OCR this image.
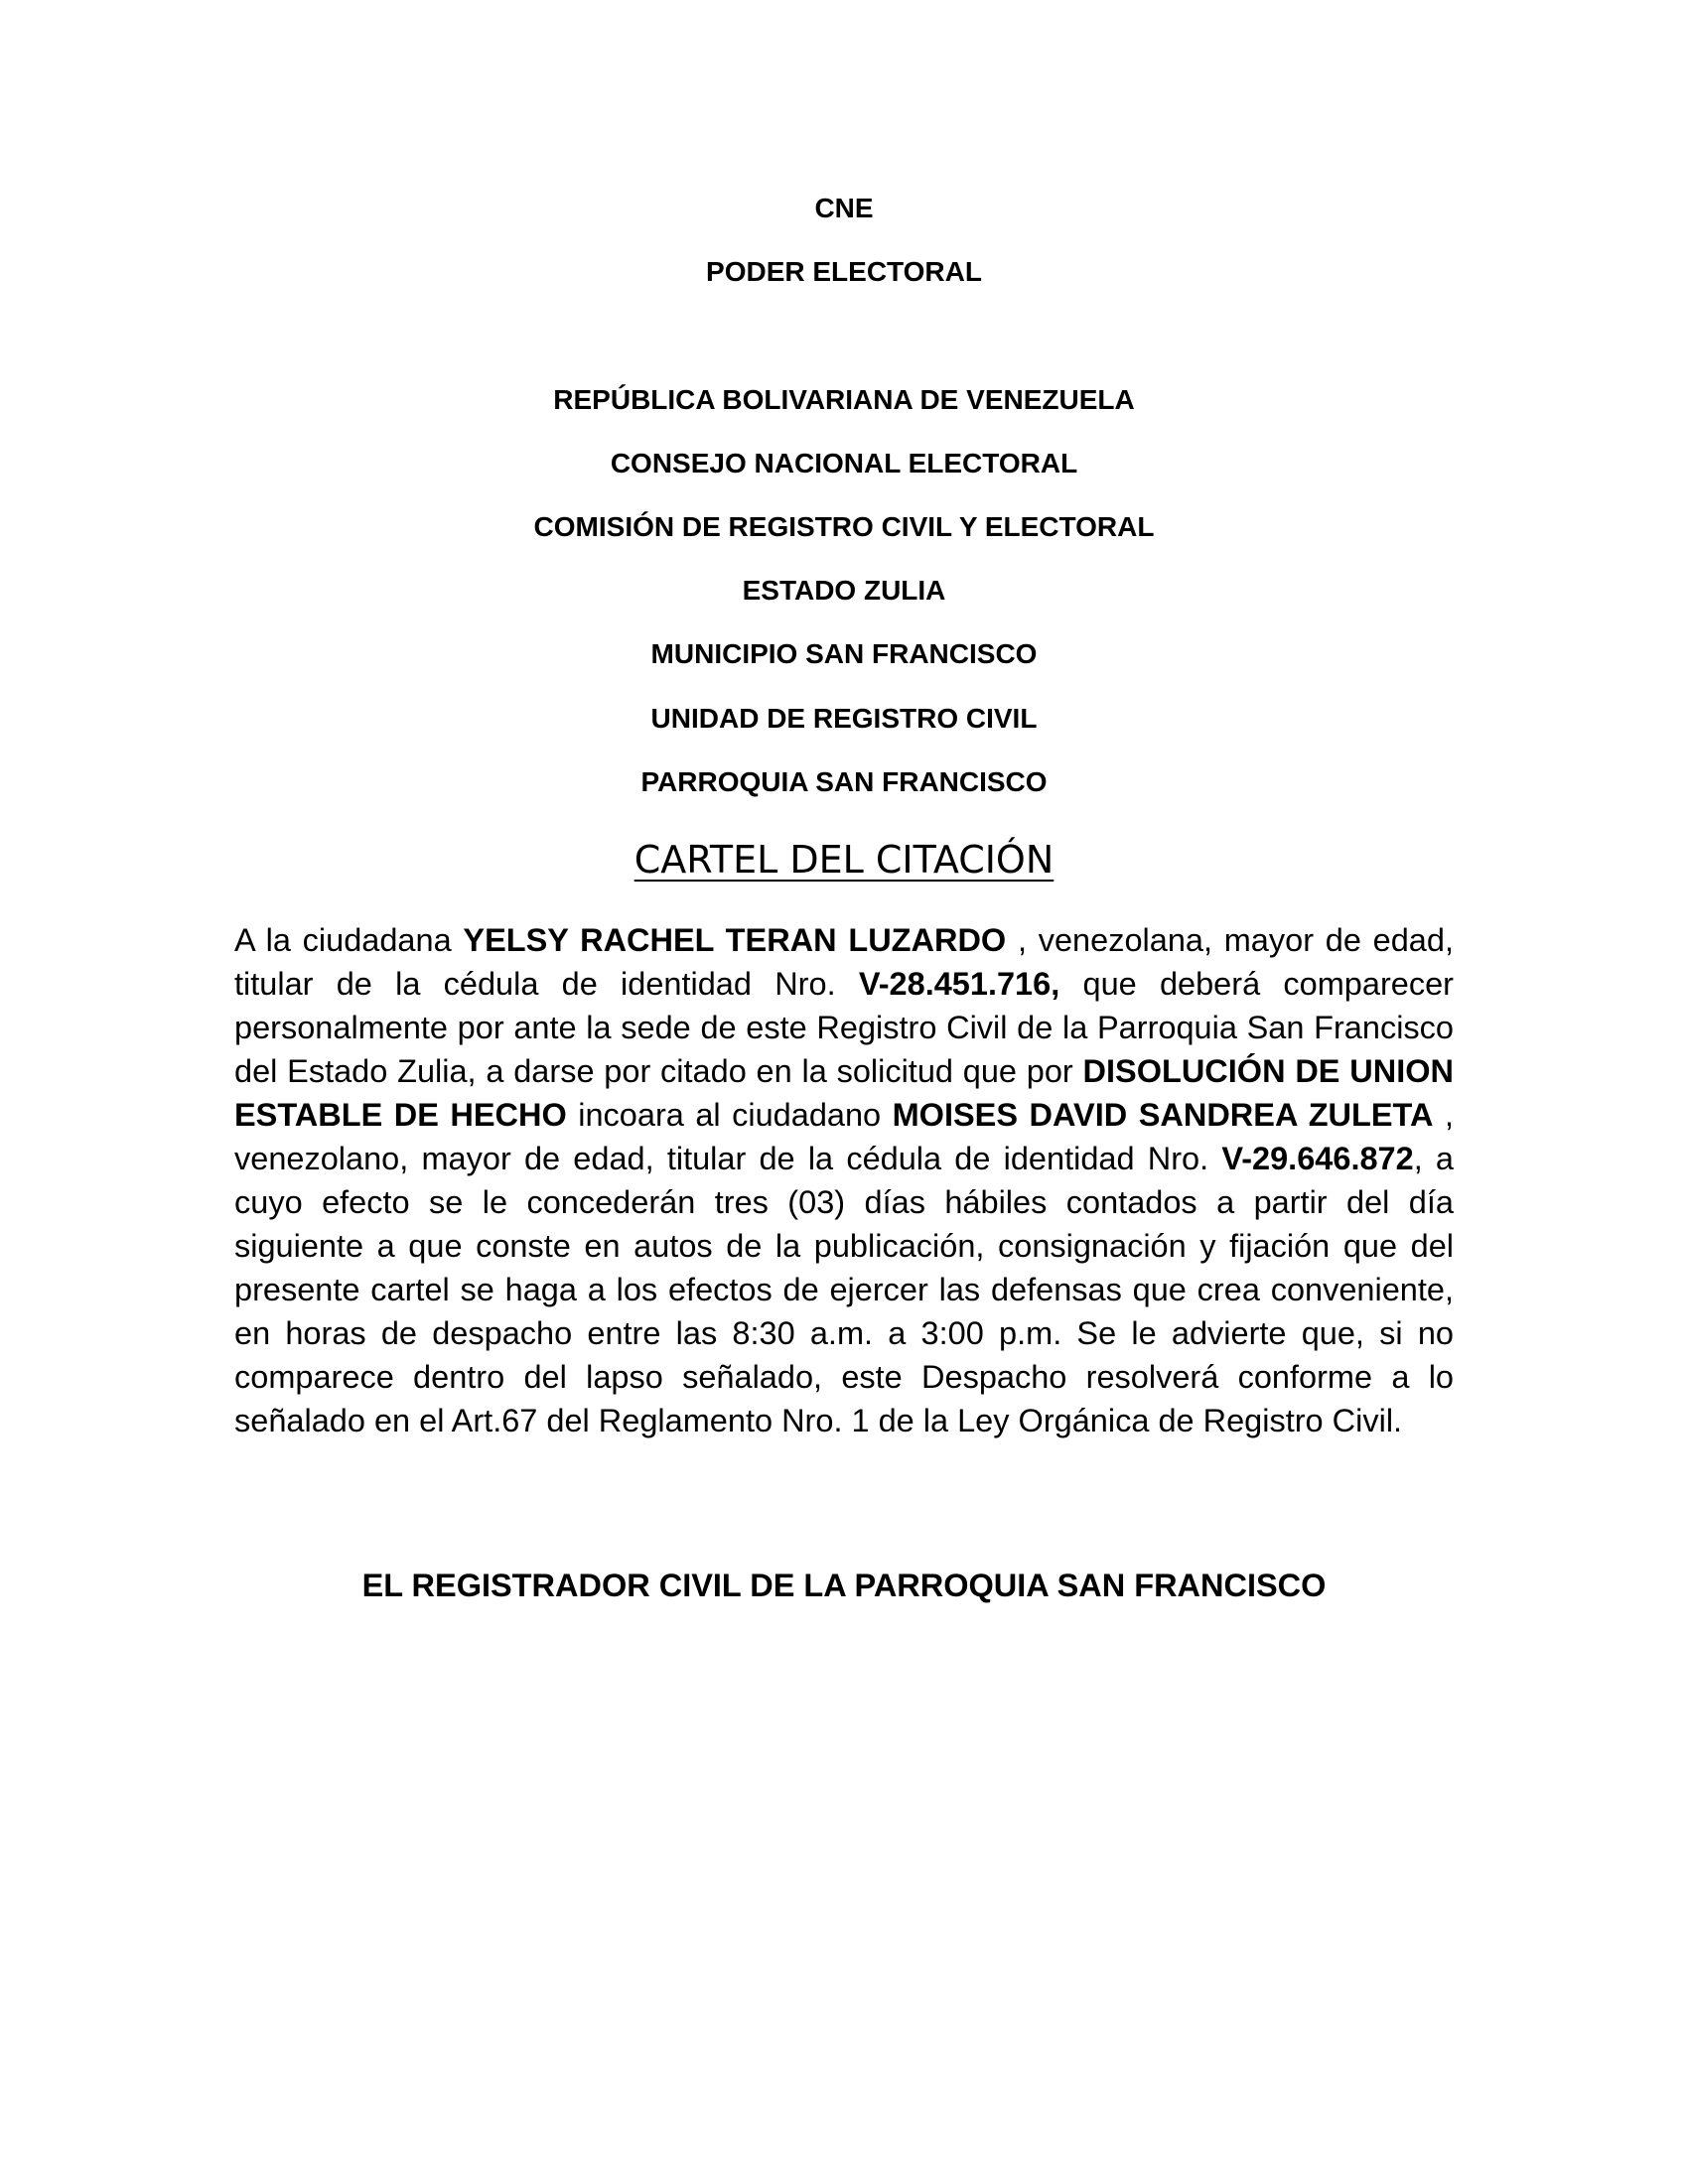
CNE
PODER ELECTORAL
REPÚBLICA BOLIVARIANA DE VENEZUELA
CONSEJO NACIONAL ELECTORAL
COMISIÓN DE REGISTRO CIVIL Y ELECTORAL
ESTADO ZULIA
MUNICIPIO SAN FRANCISCO
UNIDAD DE REGISTRO CIVIL
PARROQUIA SAN FRANCISCO
CARTEL DEL CITACIÓN

A la ciudadana YELSY RACHEL TERAN LUZARDO , venezolana, mayor de edad, titular de la cédula de identidad Nro. V-28.451.716, que deberá comparecer personalmente por ante la sede de este Registro Civil de la Parroquia San Francisco del Estado Zulia, a darse por citado en la solicitud que por DISOLUCIÓN DE UNION ESTABLE DE HECHO incoara al ciudadano MOISES DAVID SANDREA ZULETA , venezolano, mayor de edad, titular de la cédula de identidad Nro. V-29.646.872, a cuyo efecto se le concederán tres (03) días hábiles contados a partir del día siguiente a que conste en autos de la publicación, consignación y fijación que del presente cartel se haga a los efectos de ejercer las defensas que crea conveniente, en horas de despacho entre las 8:30 a.m. a 3:00 p.m. Se le advierte que, si no comparece dentro del lapso señalado, este Despacho resolverá conforme a lo señalado en el Art.67 del Reglamento Nro. 1 de la Ley Orgánica de Registro Civil.

EL REGISTRADOR CIVIL DE LA PARROQUIA SAN FRANCISCO
